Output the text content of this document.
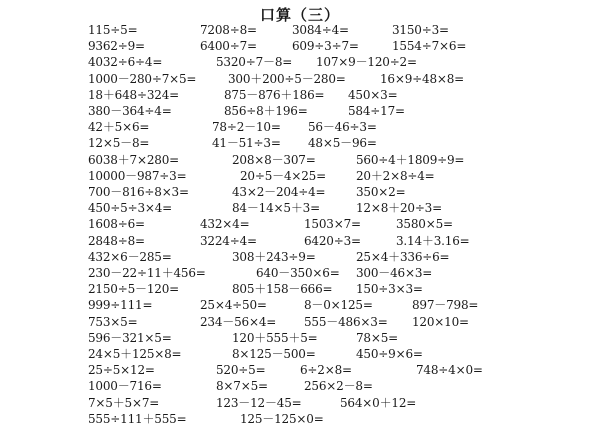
口算（三）
115÷5=	7208÷8=	3084÷4=	3150÷3=
9362÷9=	6400÷7=	609÷3÷7=	1554÷7×6=
4032÷6÷4=	5320÷7－8= 107×9－120÷2=
1000－280÷7×5=	300＋200÷5－280=	16×9÷48×8=
18＋648÷324=	875－876＋186= 450×3=
380－364÷4=	856÷8＋196=	584÷17=
42＋5×6=	78÷2－10= 56－46÷3=
12×5－8=	41－51÷3= 48×5－96=
6038＋7×280=	208×8－307=	560÷4＋1809÷9=
10000－987÷3=	20÷5－4×25=	20＋2×8÷4=
700－816÷8×3=	43×2－204÷4=	350×2=
450÷5÷3×4=	84－14×5＋3=	12×8＋20÷3=
1608÷6=	432×4=	1503×7=	3580×5=
2848÷8=	3224÷4=	6420÷3=	3.14＋3.16=
432×6－285=	308＋243÷9=	25×4＋336÷6=
230－22÷11＋456=	640－350×6= 300－46×3=
2150÷5－120=	805＋158－666= 150÷3×3=
999÷111=	25×4÷50=	8－0×125=	897－798=
753×5=	234－56×4= 555－486×3= 120×10=
596－321×5=	120＋555＋5=	78×5=
24×5＋125×8=	8×125－500=	450÷9×6=
25÷5×12=	520÷5=	6÷2×8=	748÷4×0=
1000－716=	8×7×5=	256×2－8=
7×5＋5×7=	123－12－45=	564×0＋12=
555÷111＋555=	125－125×0=
